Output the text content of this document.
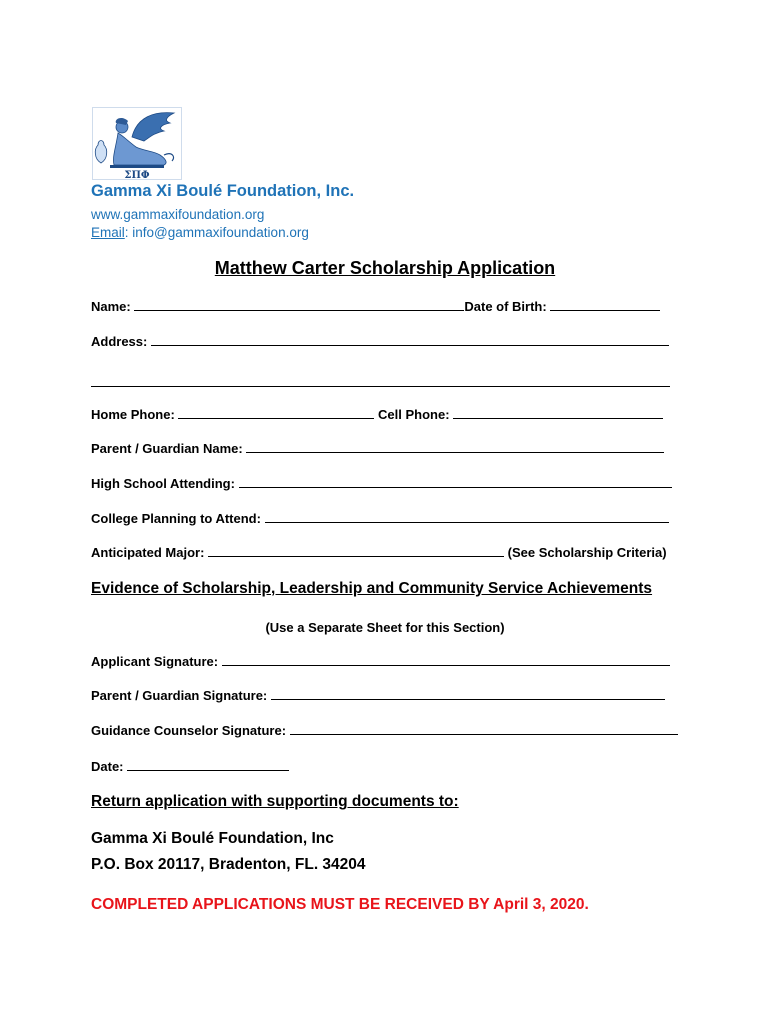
ΣΠΦ
Gamma Xi Boulé Foundation, Inc.
www.gammaxifoundation.org
Email: info@gammaxifoundation.org
Matthew Carter Scholarship Application
Name:	Date of Birth:
Address:
Home Phone:	Cell Phone:
Parent / Guardian Name:
High School Attending:
College Planning to Attend:
Anticipated Major:	(See Scholarship Criteria)
Evidence of Scholarship, Leadership and Community Service Achievements
(Use a Separate Sheet for this Section)
Applicant Signature:
Parent / Guardian Signature:
Guidance Counselor Signature:
Date:
Return application with supporting documents to:
Gamma Xi Boulé Foundation, Inc
P.O. Box 20117, Bradenton, FL. 34204
COMPLETED APPLICATIONS MUST BE RECEIVED BY April 3, 2020.
